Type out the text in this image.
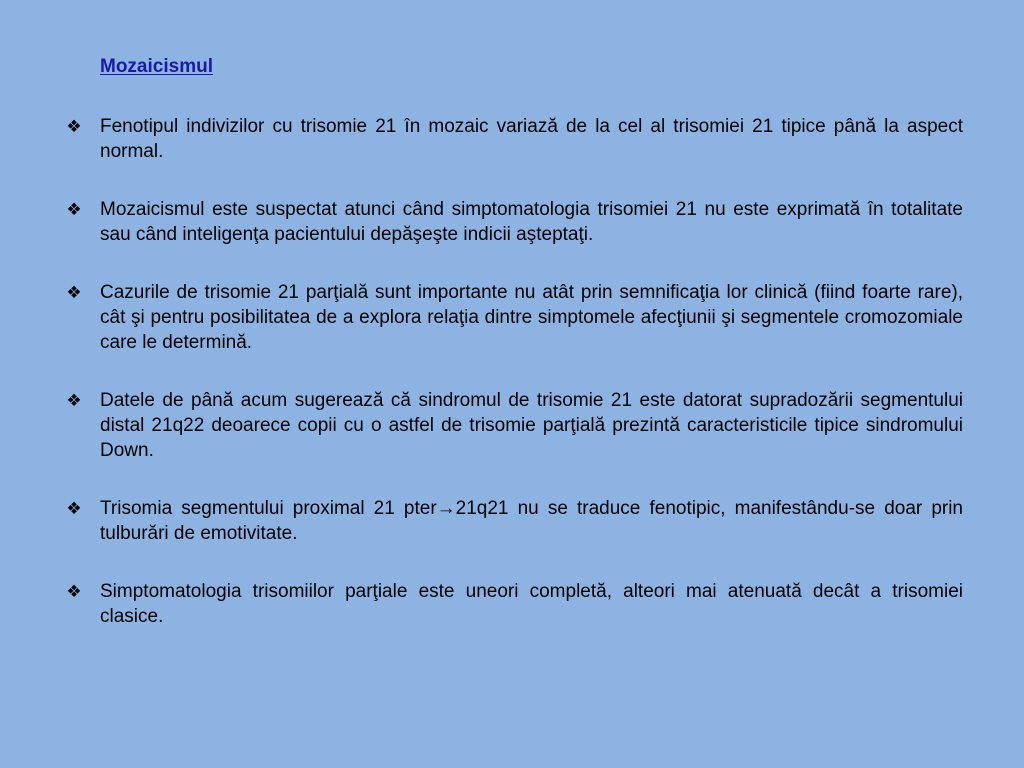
Mozaicismul
❖ Fenotipul indivizilor cu trisomie 21 în mozaic variază de la cel al trisomiei 21 tipice până la aspect normal.
❖ Mozaicismul este suspectat atunci când simptomatologia trisomiei 21 nu este exprimată în totalitate sau când inteligenţa pacientului depăşeşte indicii aşteptaţi.
❖ Cazurile de trisomie 21 parţială sunt importante nu atât prin semnificaţia lor clinică (fiind foarte rare), cât şi pentru posibilitatea de a explora relaţia dintre simptomele afecţiunii şi segmentele cromozomiale care le determină.
❖ Datele de până acum sugerează că sindromul de trisomie 21 este datorat supradozării segmentului distal 21q22 deoarece copii cu o astfel de trisomie parţială prezintă caracteristicile tipice sindromului Down.
❖ Trisomia segmentului proximal 21 pter→21q21 nu se traduce fenotipic, manifestându-se doar prin tulburări de emotivitate.
❖ Simptomatologia trisomiilor parţiale este uneori completă, alteori mai atenuată decât a trisomiei clasice.
